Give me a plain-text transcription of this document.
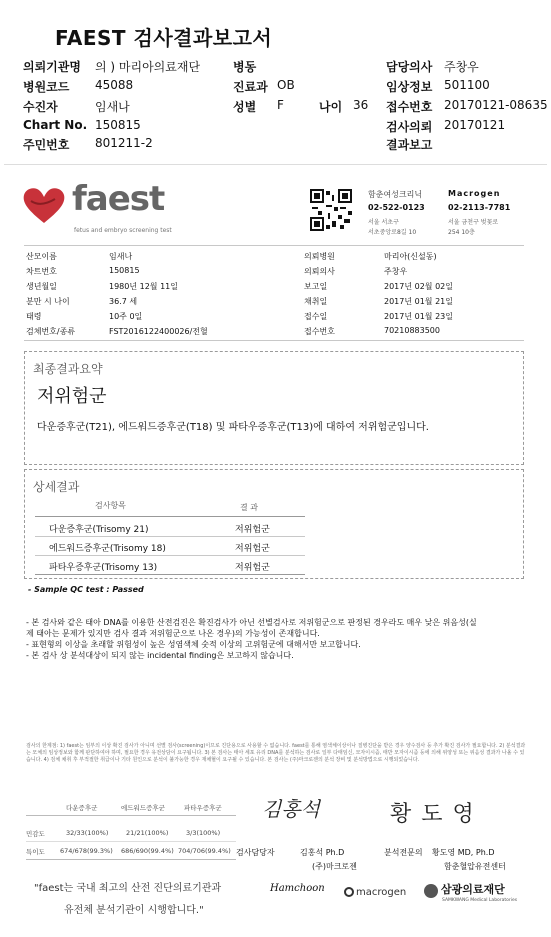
FAEST 검사결과보고서
의뢰기관명 의 ) 마리아의료재단	병동	담당의사 주창우
병원코드 45088	진료과 OB	임상정보 501100
수진자	임새나	성별 F	나이 36 접수번호 20170121-08635
Chart No. 150815	검사의뢰 20170121
주민번호 801211-2	결과보고
faest
fetus and embryo screening test
함춘여성크리닉
02-522-0123
서울 서초구
서초중앙로8길 10
Macrogen
02-2113-7781
서울 금천구 벚꽃로
254 10층
산모이름	임새나
차트번호	150815
생년월일	1980년 12월 11일
분만 시 나이	36.7 세
태령	10주 0일
검체번호/종류	FST2016122400026/전혈
의뢰병원	마리아(신설동)
의뢰의사	주창우
보고일	2017년 02월 02일
채취일	2017년 01월 21일
접수일	2017년 01월 23일
접수번호	70210883500
최종결과요약
저위험군
다운증후군(T21), 에드워드증후군(T18) 및 파타우증후군(T13)에 대하여 저위험군입니다.
상세결과
검사항목	결 과
다운증후군(Trisomy 21)	저위험군
에드워드증후군(Trisomy 18)	저위험군
파타우증후군(Trisomy 13)	저위험군
- Sample QC test : Passed
- 본 검사와 같은 태아 DNA를 이용한 산전검진은 확진검사가 아닌 선별검사로 저위험군으로 판정된 경우라도 매우 낮은 위음성(실
제 태아는 문제가 있지만 검사 결과 저위험군으로 나온 경우)의 가능성이 존재합니다.
- 표현형의 이상을 초래할 위험성이 높은 성염색체 숫적 이상의 고위험군에 대해서만 보고합니다.
- 본 검사 상 분석대상이 되지 않는 incidental finding은 보고하지 않습니다.
검사의 한계점: 1) faest는 임부의 이상 확진 검사가 아니며 선별 검사(screening)이므로 진단용으로 사용할 수 없습니다. faest를 통해 염색체이상이나 질병진단을 받은 경우 양수검사 등 추가 확진 검사가 필요합니다. 2) 분석결과는 모체의 임상정보와 함께 판단하여야 하며, 필요한 경우 유전상담이 요구됩니다. 3) 본 검사는 태아 세포 유리 DNA를 분석하는 검사로 일부 다태임신, 모자이시즘, 태반 모자이시즘 등에 의해 위양성 또는 위음성 결과가 나올 수 있습니다. 4) 검체 채취 후 부적절한 취급이나 기타 원인으로 분석이 불가능한 경우 재채혈이 요구될 수 있습니다. 본 검사는 (주)마크로젠의 분석 장비 및 분석방법으로 시행되었습니다.
다운증후군	에드워드증후군	파타우증후군
민감도	32/33(100%)	21/21(100%)	3/3(100%)
특이도 674/678(99.3%) 686/690(99.4%) 704/706(99.4%)
김홍석
검사담당자	김홍석 Ph.D
(주)마크로젠
황도영
분석전문의 황도영 MD, Ph.D
함춘혈압유전센터
"faest는 국내 최고의 산전 진단의료기관과
유전체 분석기관이 시행합니다."
Hamchoon	macrogen	삼광의료재단
SAMKWANG Medical Laboratories
